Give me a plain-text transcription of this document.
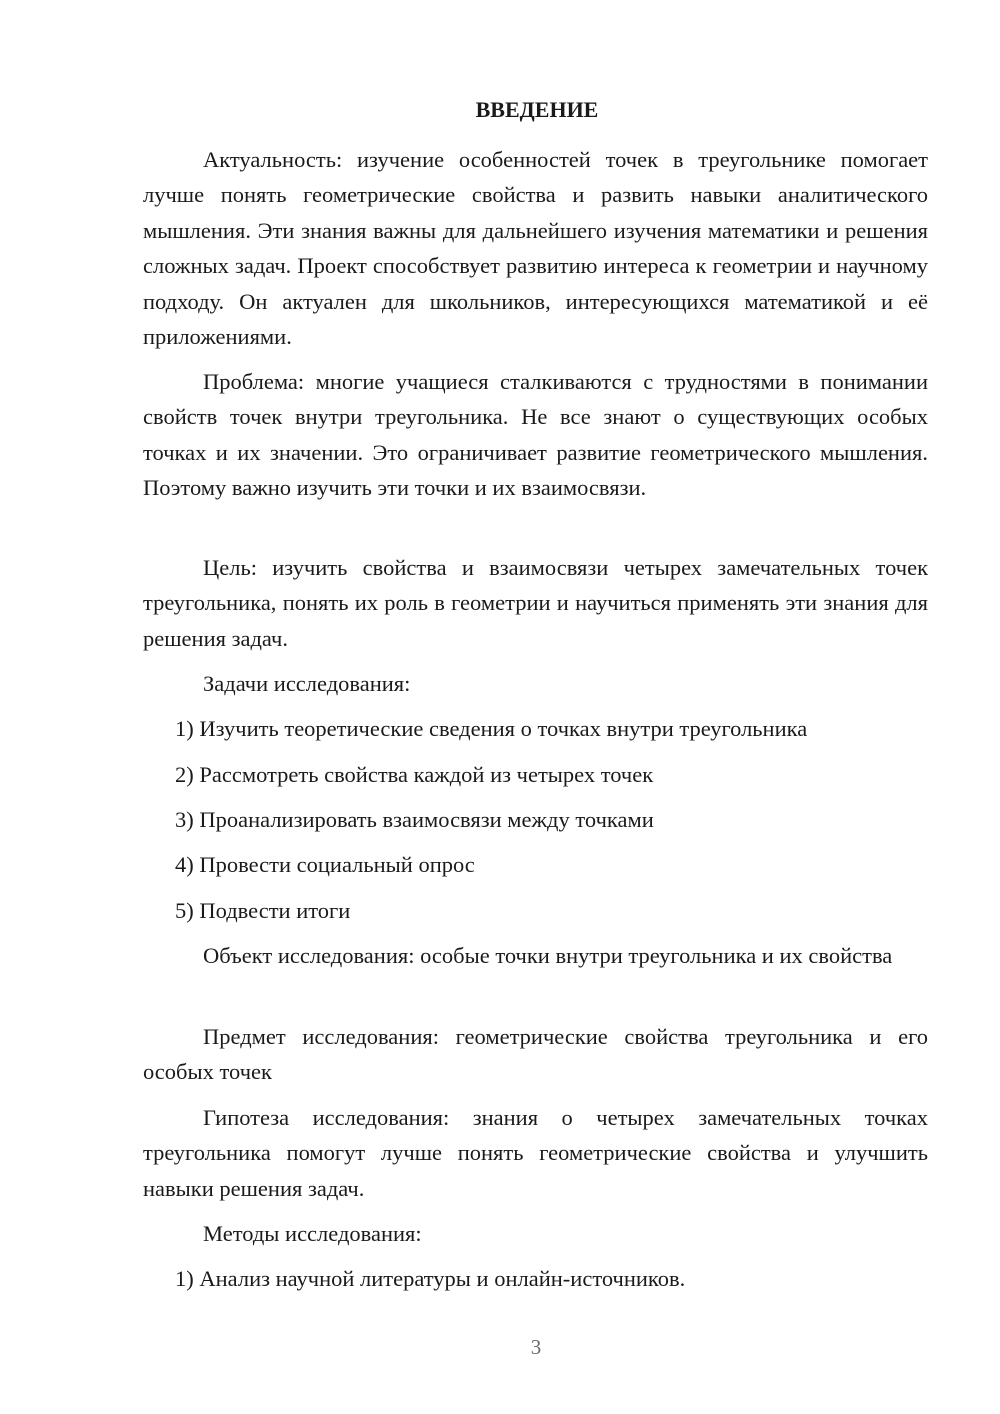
ВВЕДЕНИЕ

Актуальность: изучение особенностей точек в треугольнике помогает лучше понять геометрические свойства и развить навыки аналитического мышления. Эти знания важны для дальнейшего изучения математики и решения сложных задач. Проект способствует развитию интереса к геометрии и научному подходу. Он актуален для школьников, интересующихся математикой и её приложениями.

Проблема: многие учащиеся сталкиваются с трудностями в понимании свойств точек внутри треугольника. Не все знают о существующих особых точках и их значении. Это ограничивает развитие геометрического мышления. Поэтому важно изучить эти точки и их взаимосвязи.

Цель: изучить свойства и взаимосвязи четырех замечательных точек треугольника, понять их роль в геометрии и научиться применять эти знания для решения задач.

Задачи исследования:

1) Изучить теоретические сведения о точках внутри треугольника

2) Рассмотреть свойства каждой из четырех точек

3) Проанализировать взаимосвязи между точками

4) Провести социальный опрос

5) Подвести итоги

Объект исследования: особые точки внутри треугольника и их свойства

Предмет исследования: геометрические свойства треугольника и его особых точек

Гипотеза исследования: знания о четырех замечательных точках треугольника помогут лучше понять геометрические свойства и улучшить навыки решения задач.

Методы исследования:

1) Анализ научной литературы и онлайн-источников.

3
